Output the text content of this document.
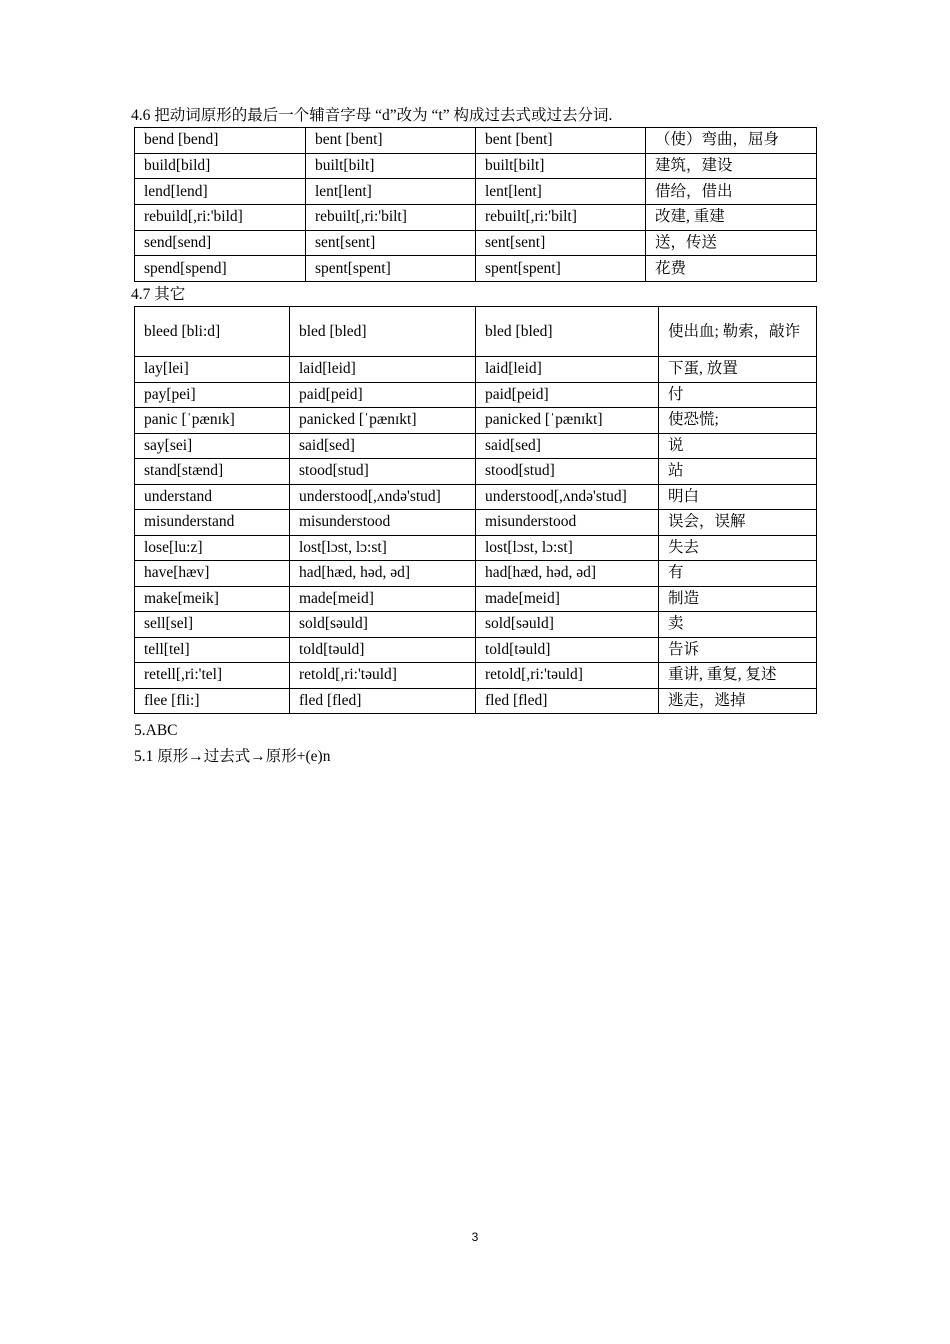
4.6 把动词原形的最后一个辅音字母 “d”改为 “t” 构成过去式或过去分词.
bend [bend]	bent [bent]	bent [bent]	（使）弯曲，屈身
build[bild]	built[bilt]	built[bilt]	建筑，建设
lend[lend]	lent[lent]	lent[lent]	借给，借出
rebuild[,ri:'bild]	rebuilt[,ri:'bilt]	rebuilt[,ri:'bilt]	改建, 重建
send[send]	sent[sent]	sent[sent]	送，传送
spend[spend]	spent[spent]	spent[spent]	花费
4.7 其它
bleed [bli:d]	bled [bled]	bled [bled]	使出血; 勒索，敲诈
lay[lei]	laid[leid]	laid[leid]	下蛋, 放置
pay[pei]	paid[peid]	paid[peid]	付
panic [ˈpænɪk]	panicked [ˈpænɪkt]	panicked [ˈpænɪkt]	使恐慌;
say[sei]	said[sed]	said[sed]	说
stand[stænd]	stood[stud]	stood[stud]	站
understand	understood[,ʌndə'stud]	understood[,ʌndə'stud]	明白
misunderstand	misunderstood	misunderstood	误会，误解
lose[lu:z]	lost[lɔst, lɔ:st]	lost[lɔst, lɔ:st]	失去
have[hæv]	had[hæd, həd, əd]	had[hæd, həd, əd]	有
make[meik]	made[meid]	made[meid]	制造
sell[sel]	sold[səuld]	sold[səuld]	卖
tell[tel]	told[təuld]	told[təuld]	告诉
retell[,ri:'tel]	retold[,ri:'təuld]	retold[,ri:'təuld]	重讲, 重复, 复述
flee [fli:]	fled [fled]	fled [fled]	逃走，逃掉
5.ABC
5.1 原形→过去式→原形+(e)n
3
